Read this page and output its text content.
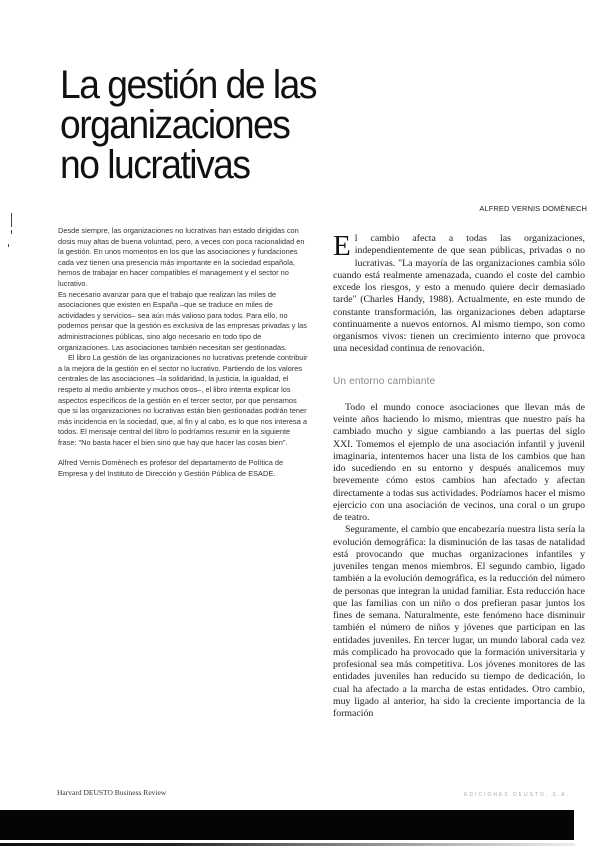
La gestión de las organizaciones
no lucrativas
ALFRED VERNIS DOMÈNECH

Desde siempre, las organizaciones no lucrativas han estado dirigidas con dosis muy altas de buena voluntad, pero, a veces con poca racionalidad en la gestión. En unos momentos en los que las asociaciones y fundaciones cada vez tienen una presencia más importante en la sociedad española, hemos de trabajar en hacer compatibles el management y el sector no lucrativo.

Es necesario avanzar para que el trabajo que realizan las miles de asociaciones que existen en España –que se traduce en miles de actividades y servicios– sea aún más valioso para todos. Para ello, no podemos pensar que la gestión es exclusiva de las empresas privadas y las administraciones públicas, sino algo necesario en todo tipo de organizaciones. Las asociaciones también necesitan ser gestionadas.

El libro La gestión de las organizaciones no lucrativas pretende contribuir a la mejora de la gestión en el sector no lucrativo. Partiendo de los valores centrales de las asociaciones –la solidaridad, la justicia, la igualdad, el respeto al medio ambiente y muchos otros–, el libro intenta explicar los aspectos específicos de la gestión en el tercer sector, por que pensamos que si las organizaciones no lucrativas están bien gestionadas podrán tener más incidencia en la sociedad, que, al fin y al cabo, es lo que nos interesa a todos. El mensaje central del libro lo podríamos resumir en la siguiente frase: "No basta hacer el bien sino que hay que hacer las cosas bien".

Alfred Vernis Domènech es profesor del departamento de Política de Empresa y del Instituto de Dirección y Gestión Pública de ESADE.

El cambio afecta a todas las organizaciones, independientemente de que sean públicas, privadas o no lucrativas. "La mayoría de las organizaciones cambia sólo cuando está realmente amenazada, cuando el coste del cambio excede los riesgos, y esto a menudo quiere decir demasiado tarde" (Charles Handy, 1988). Actualmente, en este mundo de constante transformación, las organizaciones deben adaptarse continuamente a nuevos entornos. Al mismo tiempo, son como organismos vivos: tienen un crecimiento interno que provoca una necesidad continua de renovación.

Un entorno cambiante

Todo el mundo conoce asociaciones que llevan más de veinte años haciendo lo mismo, mientras que nuestro país ha cambiado mucho y sigue cambiando a las puertas del siglo XXI. Tomemos el ejemplo de una asociación infantil y juvenil imaginaria, intentemos hacer una lista de los cambios que han ido sucediendo en su entorno y después analicemos muy brevemente cómo estos cambios han afectado y afectan directamente a todas sus actividades. Podríamos hacer el mismo ejercicio con una asociación de vecinos, una coral o un grupo de teatro.

Seguramente, el cambio que encabezaría nuestra lista sería la evolución demográfica: la disminución de las tasas de natalidad está provocando que muchas organizaciones infantiles y juveniles tengan menos miembros. El segundo cambio, ligado también a la evolución demográfica, es la reducción del número de personas que integran la unidad familiar. Esta reducción hace que las familias con un niño o dos prefieran pasar juntos los fines de semana. Naturalmente, este fenómeno hace disminuir también el número de niños y jóvenes que participan en las entidades juveniles. En tercer lugar, un mundo laboral cada vez más complicado ha provocado que la formación universitaria y profesional sea más competitiva. Los jóvenes monitores de las entidades juveniles han reducido su tiempo de dedicación, lo cual ha afectado a la marcha de estas entidades. Otro cambio, muy ligado al anterior, ha sido la creciente importancia de la formación

Harvard DEUSTO Business Review	EDICIONES DEUSTO, S.A.
